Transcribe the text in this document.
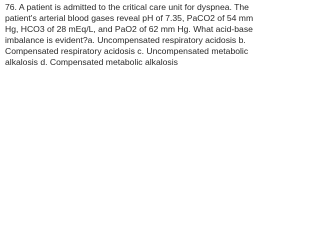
76. A patient is admitted to the critical care unit for dyspnea. The patient's arterial blood gases reveal pH of 7.35, PaCO2 of 54 mm Hg, HCO3 of 28 mEq/L, and PaO2 of 62 mm Hg. What acid-base imbalance is evident?a. Uncompensated respiratory acidosis b. Compensated respiratory acidosis c. Uncompensated metabolic alkalosis d. Compensated metabolic alkalosis
